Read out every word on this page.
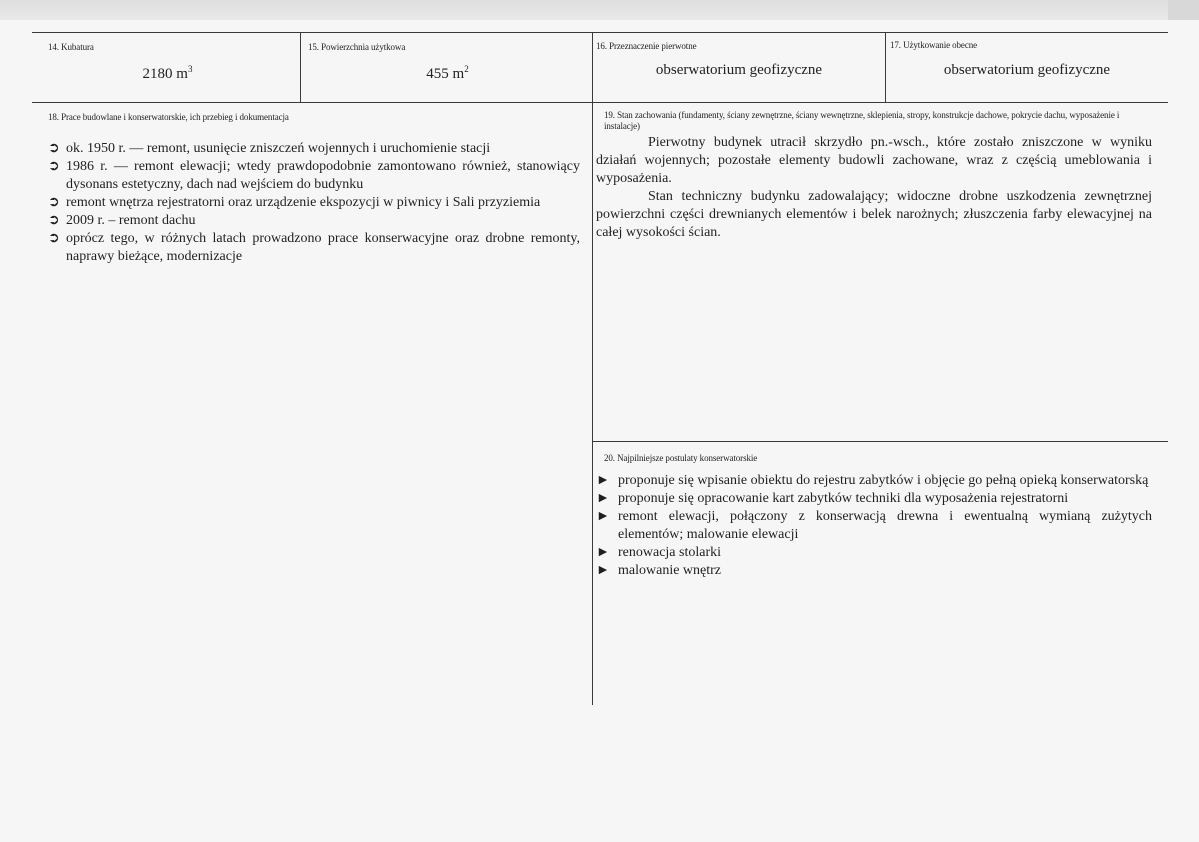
14. Kubatura
2180 $m^3$
15. Powierzchnia użytkowa
455 $m^2$
16. Przeznaczenie pierwotne
obserwatorium geofizyczne
17. Użytkowanie obecne
obserwatorium geofizyczne
18. Prace budowlane i konserwatorskie, ich przebieg i dokumentacja
➲ ok. 1950 r. — remont, usunięcie zniszczeń wojennych i uruchomienie stacji
➲ 1986 r. — remont elewacji; wtedy prawdopodobnie zamontowano również, stanowiący dysonans estetyczny, dach nad wejściem do budynku
➲ remont wnętrza rejestratorni oraz urządzenie ekspozycji w piwnicy i Sali przyziemia
➲ 2009 r. – remont dachu
➲ oprócz tego, w różnych latach prowadzono prace konserwacyjne oraz drobne remonty, naprawy bieżące, modernizacje
19. Stan zachowania (fundamenty, ściany zewnętrzne, ściany wewnętrzne, sklepienia, stropy, konstrukcje dachowe, pokrycie dachu, wyposażenie i instalacje)

Pierwotny budynek utracił skrzydło pn.-wsch., które zostało zniszczone w wyniku działań wojennych; pozostałe elementy budowli zachowane, wraz z częścią umeblowania i wyposażenia.

Stan techniczny budynku zadowalający; widoczne drobne uszkodzenia zewnętrznej powierzchni części drewnianych elementów i belek narożnych; złuszczenia farby elewacyjnej na całej wysokości ścian.

20. Najpilniejsze postulaty konserwatorskie
► proponuje się wpisanie obiektu do rejestru zabytków i objęcie go pełną opieką konserwatorską
► proponuje się opracowanie kart zabytków techniki dla wyposażenia rejestratorni
► remont elewacji, połączony z konserwacją drewna i ewentualną wymianą zużytych elementów; malowanie elewacji
► renowacja stolarki
► malowanie wnętrz
